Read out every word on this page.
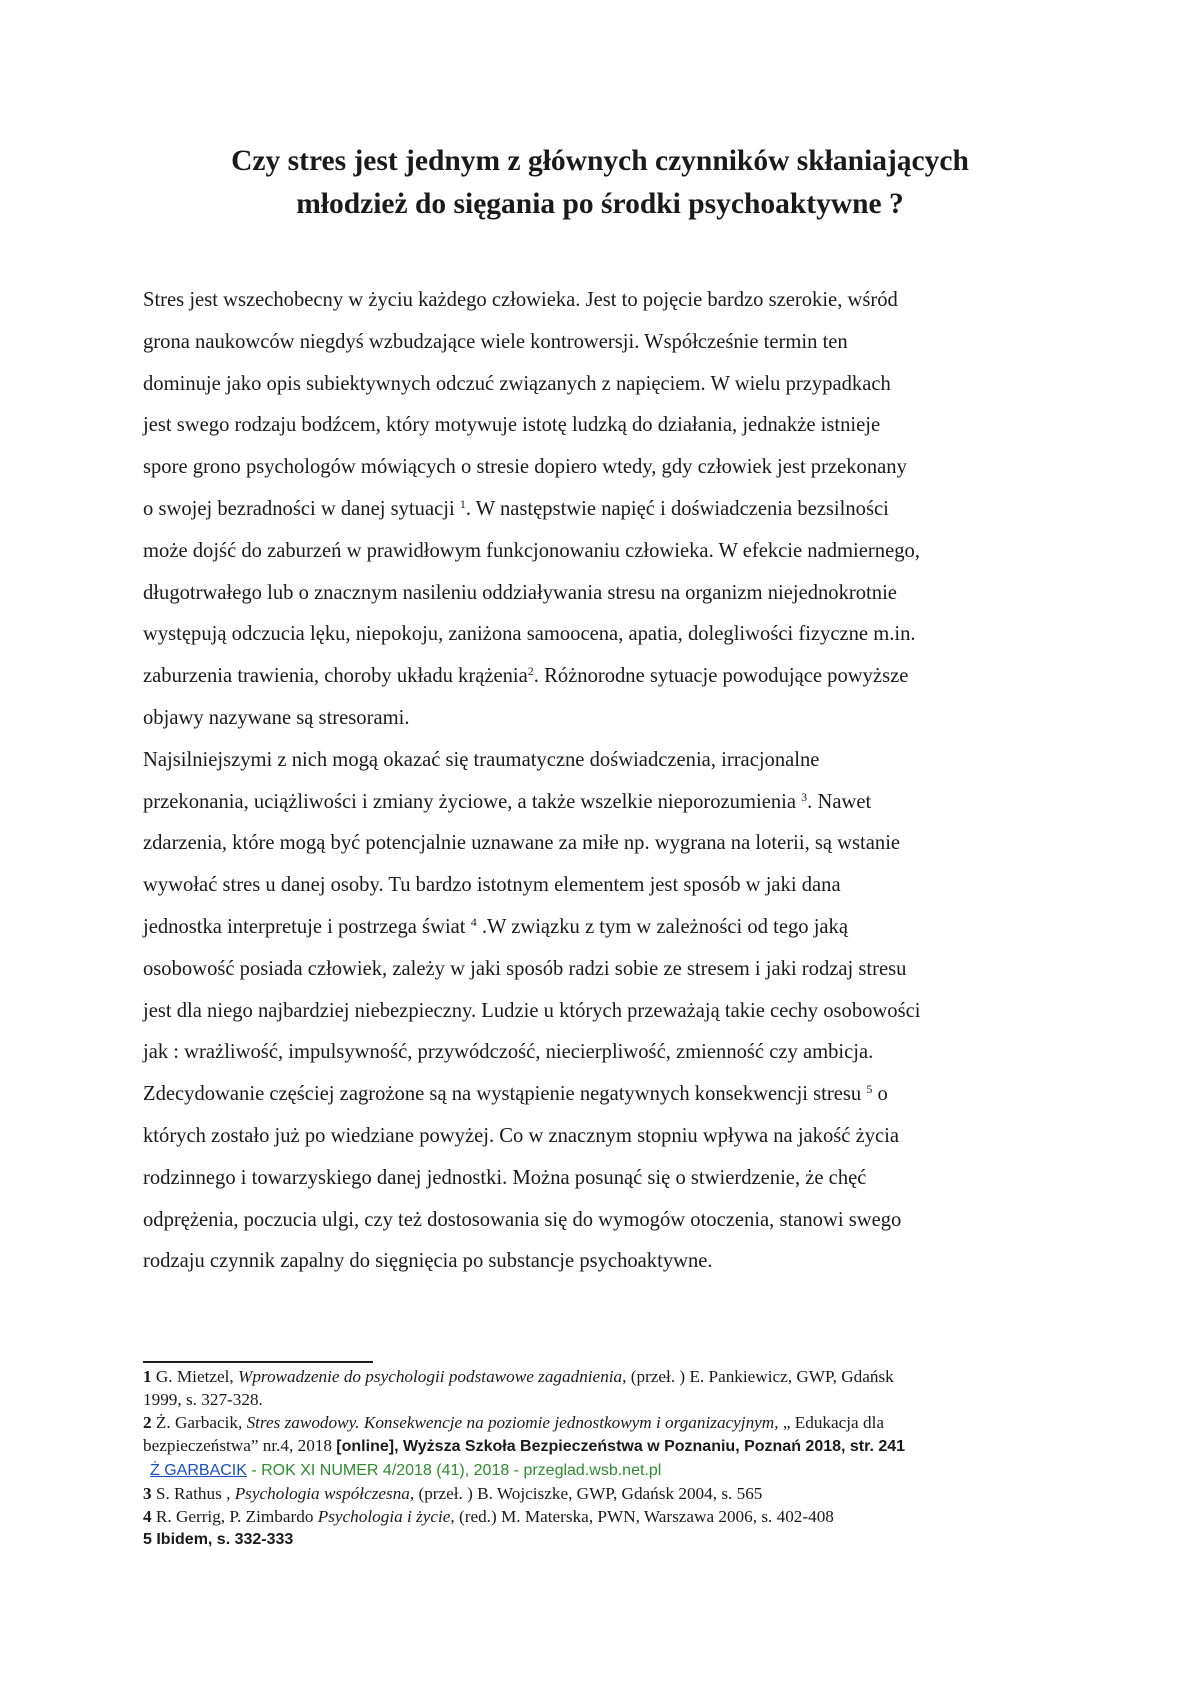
Czy stres jest jednym z głównych czynników skłaniających
młodzież do sięgania po środki psychoaktywne ?

Stres jest wszechobecny w życiu każdego człowieka. Jest to pojęcie bardzo szerokie, wśród
grona naukowców niegdyś wzbudzające wiele kontrowersji. Współcześnie termin ten
dominuje jako opis subiektywnych odczuć związanych z napięciem. W wielu przypadkach
jest swego rodzaju bodźcem, który motywuje istotę ludzką do działania, jednakże istnieje
spore grono psychologów mówiących o stresie dopiero wtedy, gdy człowiek jest przekonany
o swojej bezradności w danej sytuacji $^1$. W następstwie napięć i doświadczenia bezsilności
może dojść do zaburzeń w prawidłowym funkcjonowaniu człowieka. W efekcie nadmiernego,
długotrwałego lub o znacznym nasileniu oddziaływania stresu na organizm niejednokrotnie
występują odczucia lęku, niepokoju, zaniżona samoocena, apatia, dolegliwości fizyczne m.in.
zaburzenia trawienia, choroby układu krążenia$^2$. Różnorodne sytuacje powodujące powyższe
objawy nazywane są stresorami.

Najsilniejszymi z nich mogą okazać się traumatyczne doświadczenia, irracjonalne
przekonania, uciążliwości i zmiany życiowe, a także wszelkie nieporozumienia $^3$. Nawet
zdarzenia, które mogą być potencjalnie uznawane za miłe np. wygrana na loterii, są wstanie
wywołać stres u danej osoby. Tu bardzo istotnym elementem jest sposób w jaki dana
jednostka interpretuje i postrzega świat $^4$ .W związku z tym w zależności od tego jaką
osobowość posiada człowiek, zależy w jaki sposób radzi sobie ze stresem i jaki rodzaj stresu
jest dla niego najbardziej niebezpieczny. Ludzie u których przeważają takie cechy osobowości
jak : wrażliwość, impulsywność, przywódczość, niecierpliwość, zmienność czy ambicja.
Zdecydowanie częściej zagrożone są na wystąpienie negatywnych konsekwencji stresu $^5$ o
których zostało już po wiedziane powyżej. Co w znacznym stopniu wpływa na jakość życia
rodzinnego i towarzyskiego danej jednostki. Można posunąć się o stwierdzenie, że chęć
odprężenia, poczucia ulgi, czy też dostosowania się do wymogów otoczenia, stanowi swego
rodzaju czynnik zapalny do sięgnięcia po substancje psychoaktywne.

1 G. Mietzel, Wprowadzenie do psychologii podstawowe zagadnienia, (przeł. ) E. Pankiewicz, GWP, Gdańsk
1999, s. 327-328.
2 Ż. Garbacik, Stres zawodowy. Konsekwencje na poziomie jednostkowym i organizacyjnym, „ Edukacja dla
bezpieczeństwa” nr.4, 2018 [online], Wyższa Szkoła Bezpieczeństwa w Poznaniu, Poznań 2018, str. 241
Ż GARBACIK - ROK XI NUMER 4/2018 (41), 2018 - przeglad.wsb.net.pl
3 S. Rathus , Psychologia współczesna, (przeł. ) B. Wojciszke, GWP, Gdańsk 2004, s. 565
4 R. Gerrig, P. Zimbardo Psychologia i życie, (red.) M. Materska, PWN, Warszawa 2006, s. 402-408
5 Ibidem, s. 332-333
